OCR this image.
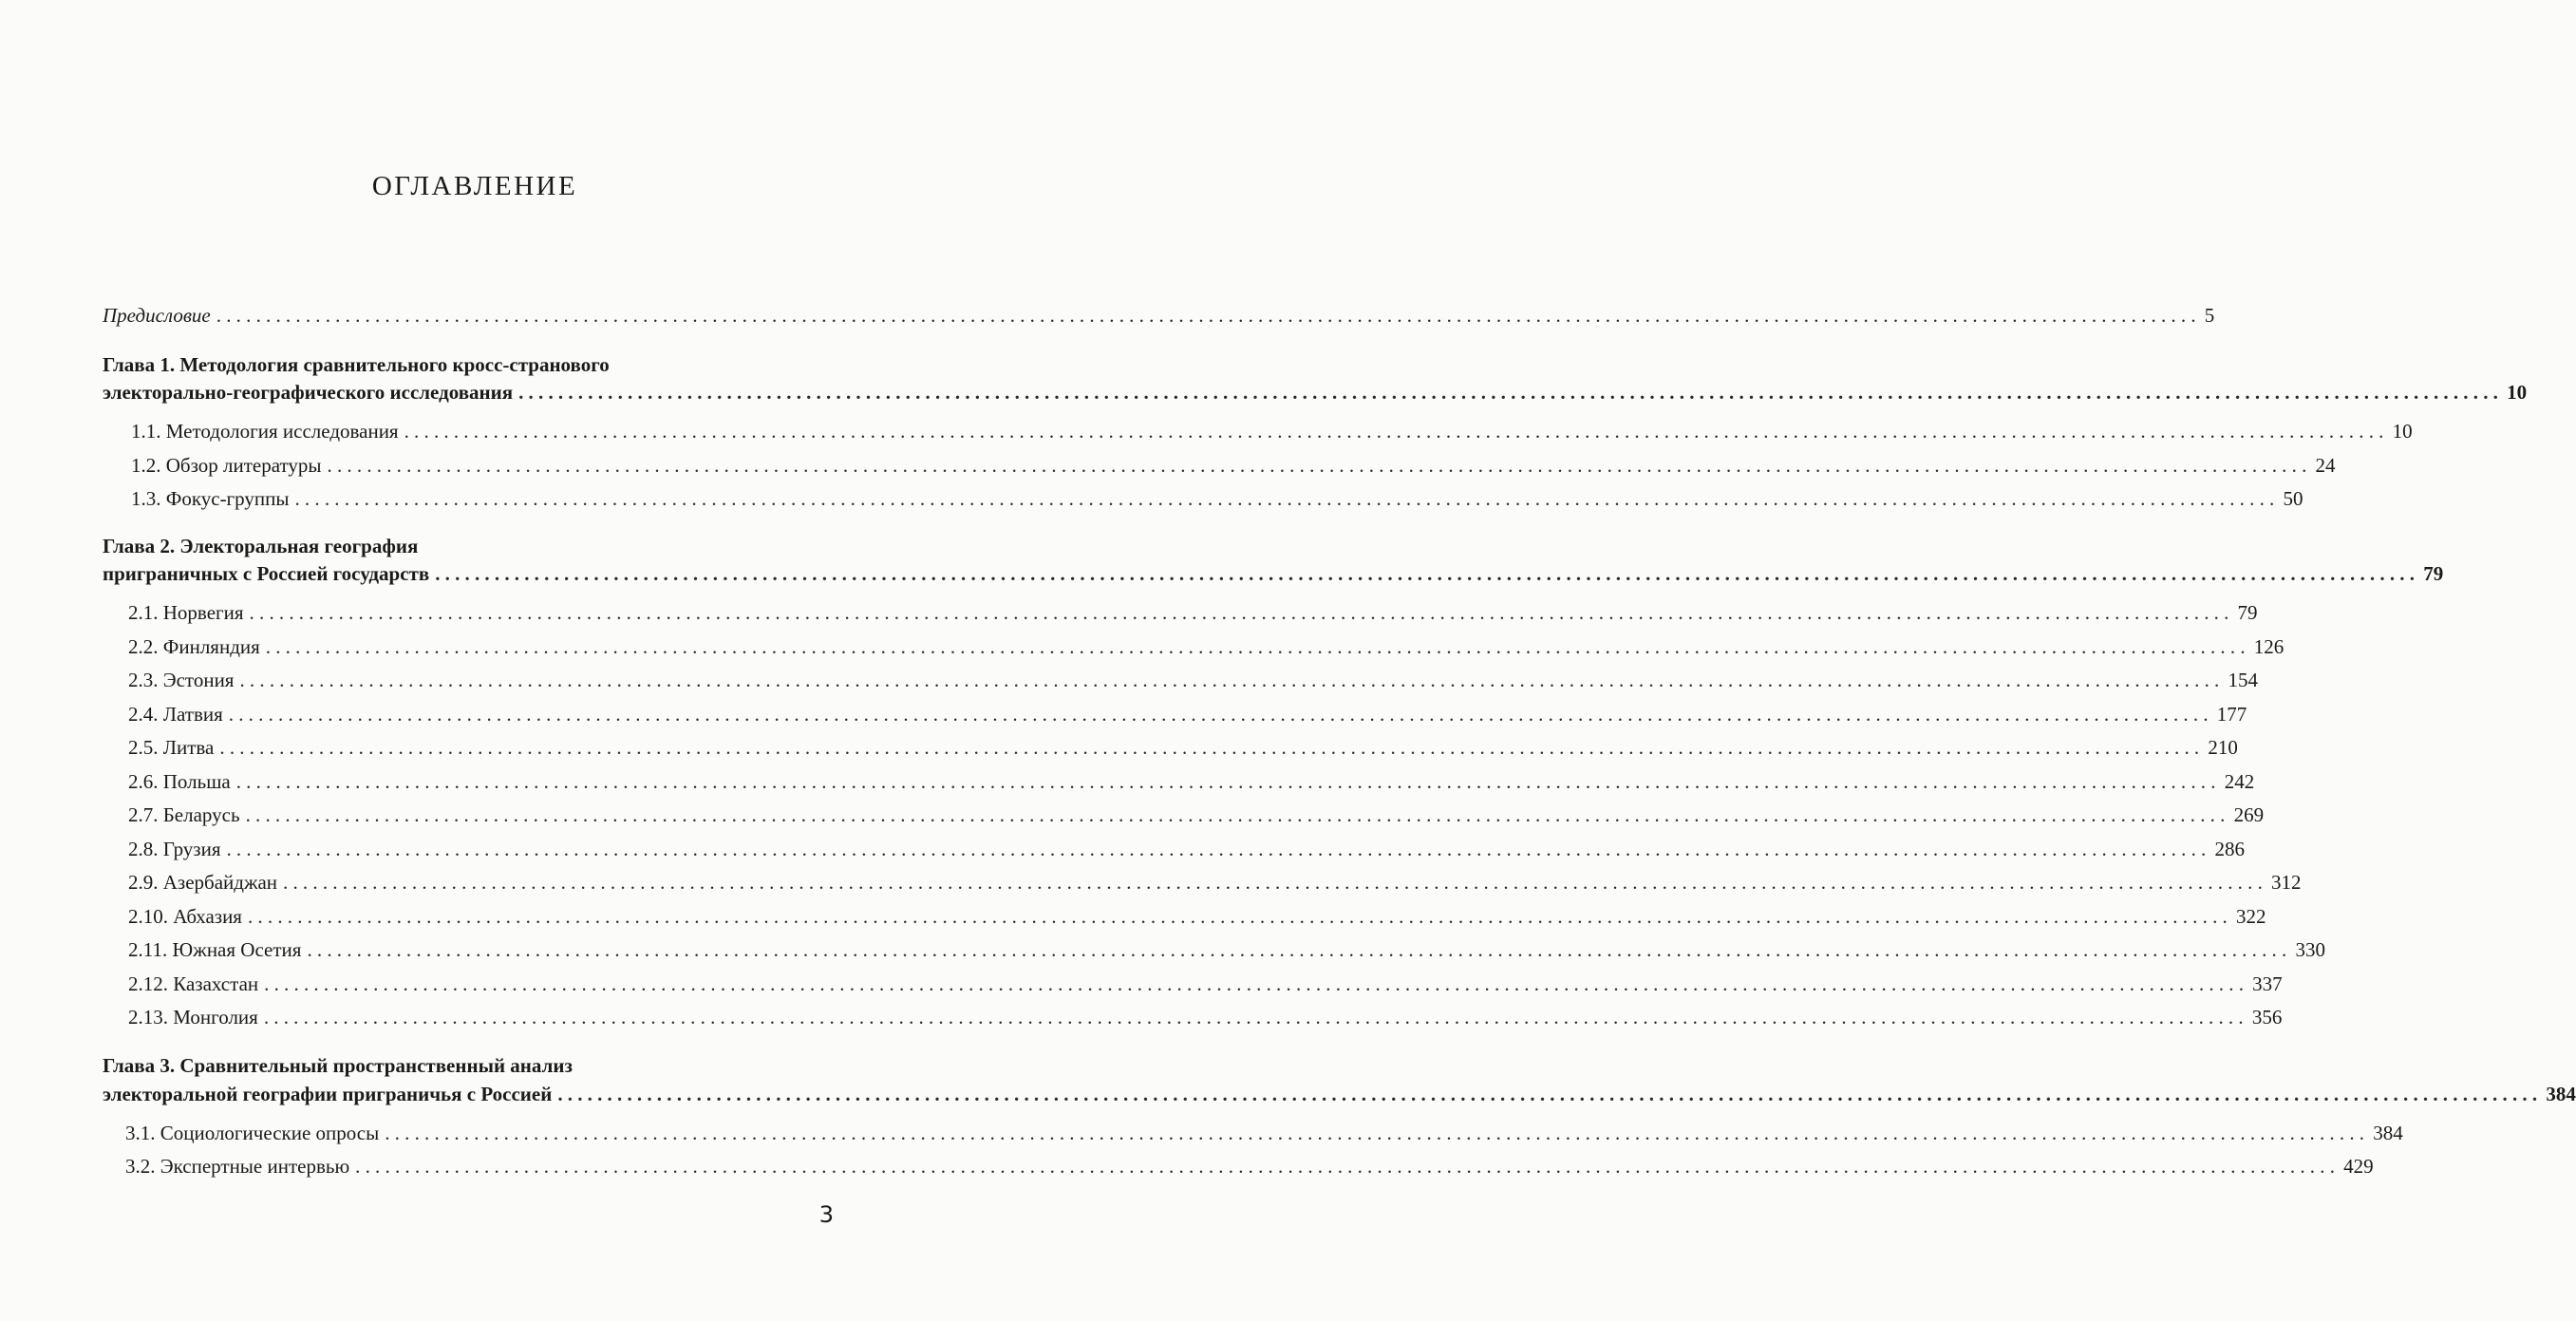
ОГЛАВЛЕНИЕ
Предисловие ........................................................................................................................................................................................................ 5
Глава 1. Методология сравнительного кросс-странового
электорально-географического исследования ........................................................................................................................................................................................................ 10
1.1. Методология исследования ........................................................................................................................................................................................................ 10
1.2. Обзор литературы ........................................................................................................................................................................................................ 24
1.3. Фокус-группы ........................................................................................................................................................................................................ 50
Глава 2. Электоральная география
приграничных с Россией государств ........................................................................................................................................................................................................ 79
2.1. Норвегия ........................................................................................................................................................................................................ 79
2.2. Финляндия ........................................................................................................................................................................................................ 126
2.3. Эстония ........................................................................................................................................................................................................ 154
2.4. Латвия ........................................................................................................................................................................................................ 177
2.5. Литва ........................................................................................................................................................................................................ 210
2.6. Польша ........................................................................................................................................................................................................ 242
2.7. Беларусь ........................................................................................................................................................................................................ 269
2.8. Грузия ........................................................................................................................................................................................................ 286
2.9. Азербайджан ........................................................................................................................................................................................................ 312
2.10. Абхазия ........................................................................................................................................................................................................ 322
2.11. Южная Осетия ........................................................................................................................................................................................................ 330
2.12. Казахстан ........................................................................................................................................................................................................ 337
2.13. Монголия ........................................................................................................................................................................................................ 356
Глава 3. Сравнительный пространственный анализ
электоральной географии приграничья с Россией ........................................................................................................................................................................................................ 384
3.1. Социологические опросы ........................................................................................................................................................................................................ 384
3.2. Экспертные интервью ........................................................................................................................................................................................................ 429
3
